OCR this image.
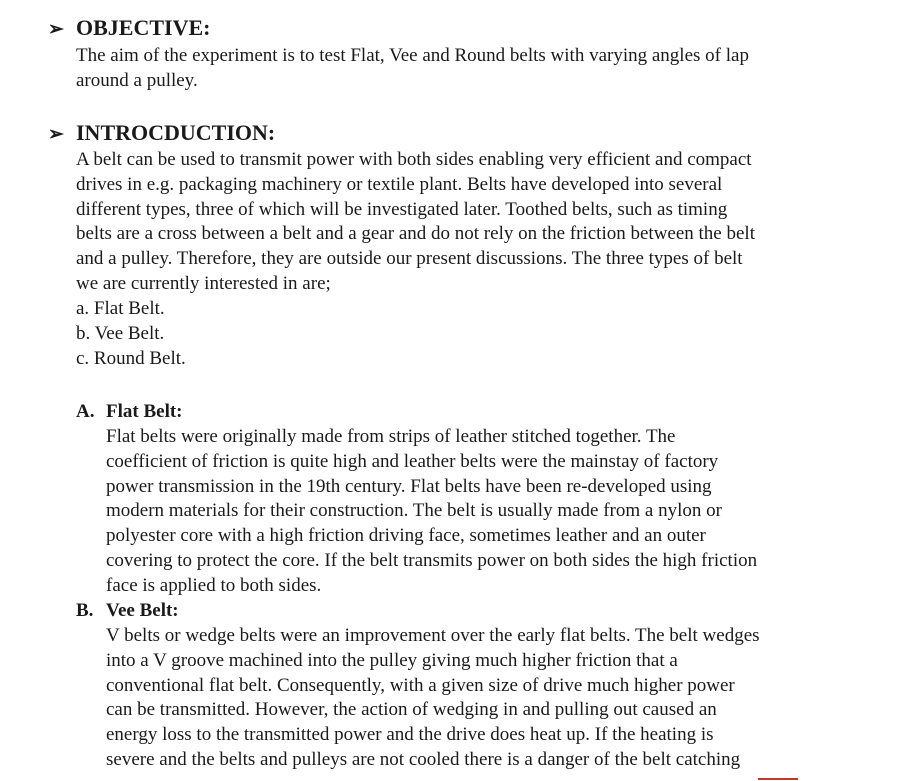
➢ OBJECTIVE:
The aim of the experiment is to test Flat, Vee and Round belts with varying angles of lap
around a pulley.
➢ INTROCDUCTION:
A belt can be used to transmit power with both sides enabling very efficient and compact
drives in e.g. packaging machinery or textile plant. Belts have developed into several
different types, three of which will be investigated later. Toothed belts, such as timing
belts are a cross between a belt and a gear and do not rely on the friction between the belt
and a pulley. Therefore, they are outside our present discussions. The three types of belt
we are currently interested in are;
a. Flat Belt.
b. Vee Belt.
c. Round Belt.
A. Flat Belt:
Flat belts were originally made from strips of leather stitched together. The
coefficient of friction is quite high and leather belts were the mainstay of factory
power transmission in the 19th century. Flat belts have been re-developed using
modern materials for their construction. The belt is usually made from a nylon or
polyester core with a high friction driving face, sometimes leather and an outer
covering to protect the core. If the belt transmits power on both sides the high friction
face is applied to both sides.
B. Vee Belt:
V belts or wedge belts were an improvement over the early flat belts. The belt wedges
into a V groove machined into the pulley giving much higher friction that a
conventional flat belt. Consequently, with a given size of drive much higher power
can be transmitted. However, the action of wedging in and pulling out caused an
energy loss to the transmitted power and the drive does heat up. If the heating is
severe and the belts and pulleys are not cooled there is a danger of the belt catching
